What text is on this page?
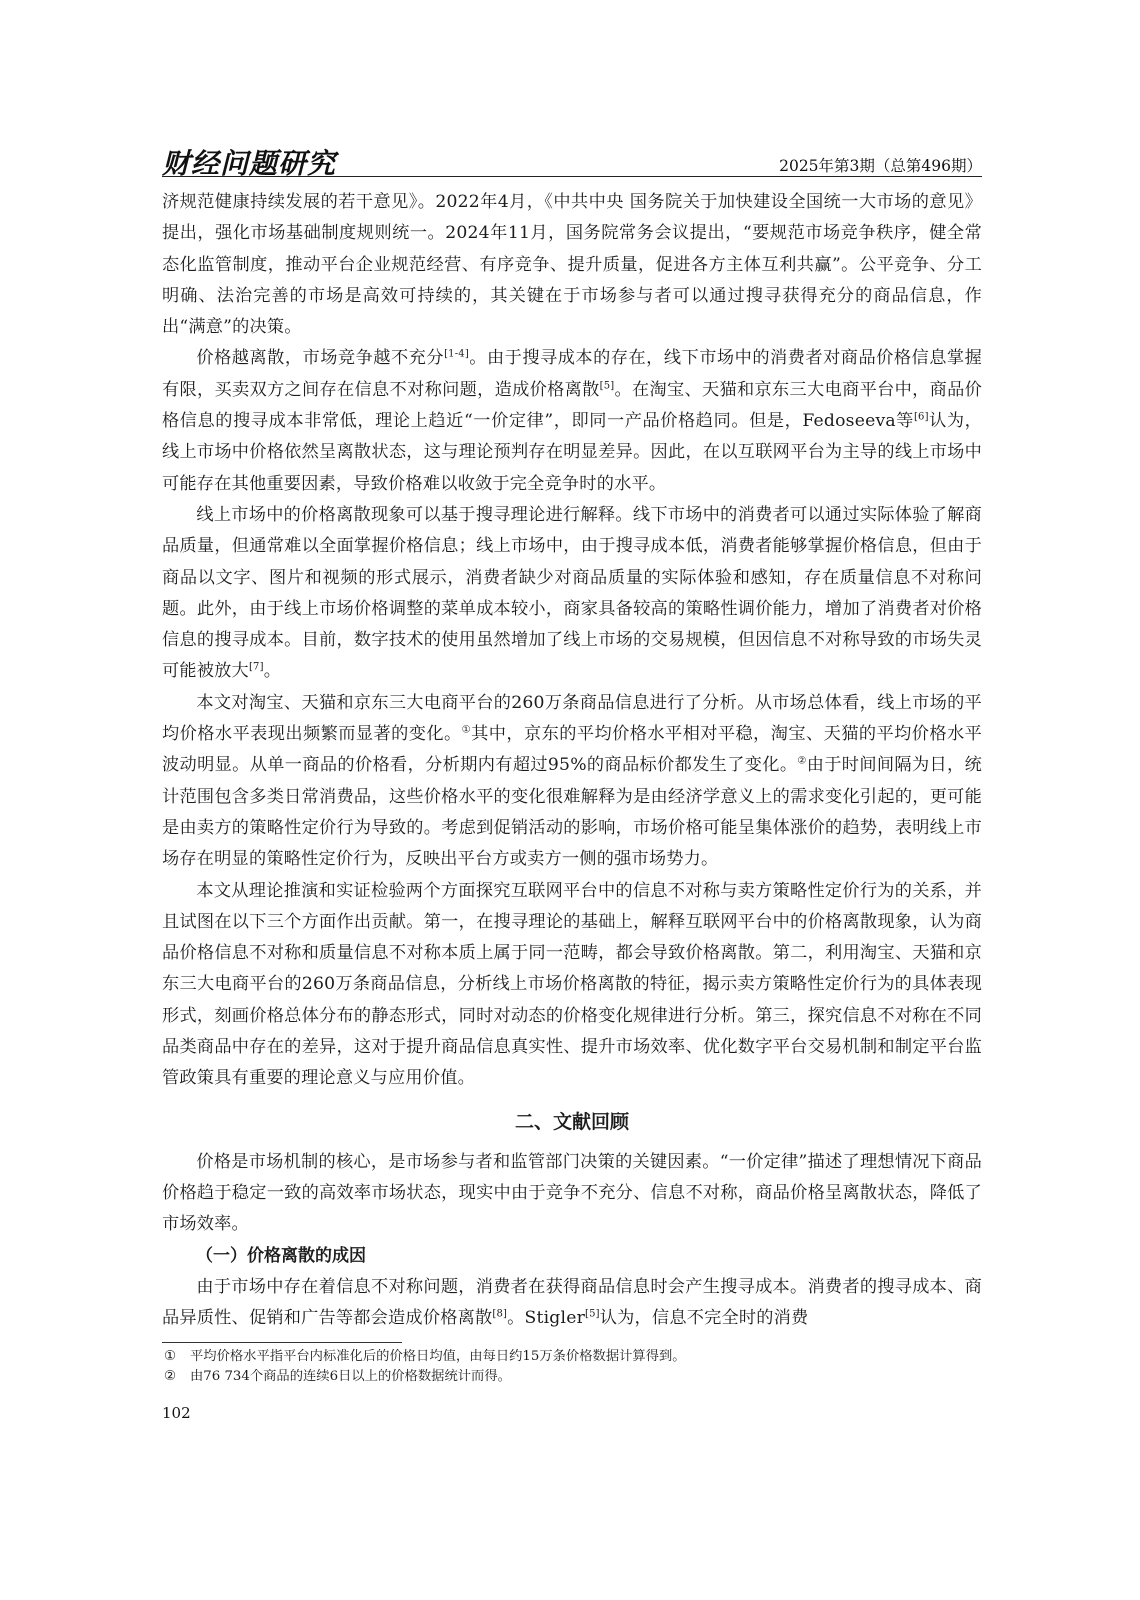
财经问题研究	2025年第3期（总第496期）

济规范健康持续发展的若干意见》。2022年4月，《中共中央 国务院关于加快建设全国统一大市场的意见》提出，强化市场基础制度规则统一。2024年11月，国务院常务会议提出，“要规范市场竞争秩序，健全常态化监管制度，推动平台企业规范经营、有序竞争、提升质量，促进各方主体互利共赢”。公平竞争、分工明确、法治完善的市场是高效可持续的，其关键在于市场参与者可以通过搜寻获得充分的商品信息，作出“满意”的决策。

价格越离散，市场竞争越不充分[1-4]。由于搜寻成本的存在，线下市场中的消费者对商品价格信息掌握有限，买卖双方之间存在信息不对称问题，造成价格离散[5]。在淘宝、天猫和京东三大电商平台中，商品价格信息的搜寻成本非常低，理论上趋近“一价定律”，即同一产品价格趋同。但是，Fedoseeva等[6]认为，线上市场中价格依然呈离散状态，这与理论预判存在明显差异。因此，在以互联网平台为主导的线上市场中可能存在其他重要因素，导致价格难以收敛于完全竞争时的水平。

线上市场中的价格离散现象可以基于搜寻理论进行解释。线下市场中的消费者可以通过实际体验了解商品质量，但通常难以全面掌握价格信息；线上市场中，由于搜寻成本低，消费者能够掌握价格信息，但由于商品以文字、图片和视频的形式展示，消费者缺少对商品质量的实际体验和感知，存在质量信息不对称问题。此外，由于线上市场价格调整的菜单成本较小，商家具备较高的策略性调价能力，增加了消费者对价格信息的搜寻成本。目前，数字技术的使用虽然增加了线上市场的交易规模，但因信息不对称导致的市场失灵可能被放大[7]。

本文对淘宝、天猫和京东三大电商平台的260万条商品信息进行了分析。从市场总体看，线上市场的平均价格水平表现出频繁而显著的变化。①其中，京东的平均价格水平相对平稳，淘宝、天猫的平均价格水平波动明显。从单一商品的价格看，分析期内有超过95%的商品标价都发生了变化。②由于时间间隔为日，统计范围包含多类日常消费品，这些价格水平的变化很难解释为是由经济学意义上的需求变化引起的，更可能是由卖方的策略性定价行为导致的。考虑到促销活动的影响，市场价格可能呈集体涨价的趋势，表明线上市场存在明显的策略性定价行为，反映出平台方或卖方一侧的强市场势力。

本文从理论推演和实证检验两个方面探究互联网平台中的信息不对称与卖方策略性定价行为的关系，并且试图在以下三个方面作出贡献。第一，在搜寻理论的基础上，解释互联网平台中的价格离散现象，认为商品价格信息不对称和质量信息不对称本质上属于同一范畴，都会导致价格离散。第二，利用淘宝、天猫和京东三大电商平台的260万条商品信息，分析线上市场价格离散的特征，揭示卖方策略性定价行为的具体表现形式，刻画价格总体分布的静态形式，同时对动态的价格变化规律进行分析。第三，探究信息不对称在不同品类商品中存在的差异，这对于提升商品信息真实性、提升市场效率、优化数字平台交易机制和制定平台监管政策具有重要的理论意义与应用价值。

二、文献回顾

价格是市场机制的核心，是市场参与者和监管部门决策的关键因素。“一价定律”描述了理想情况下商品价格趋于稳定一致的高效率市场状态，现实中由于竞争不充分、信息不对称，商品价格呈离散状态，降低了市场效率。

（一）价格离散的成因

由于市场中存在着信息不对称问题，消费者在获得商品信息时会产生搜寻成本。消费者的搜寻成本、商品异质性、促销和广告等都会造成价格离散[8]。Stigler[5]认为，信息不完全时的消费

① 平均价格水平指平台内标准化后的价格日均值，由每日约15万条价格数据计算得到。

② 由76 734个商品的连续6日以上的价格数据统计而得。

102
